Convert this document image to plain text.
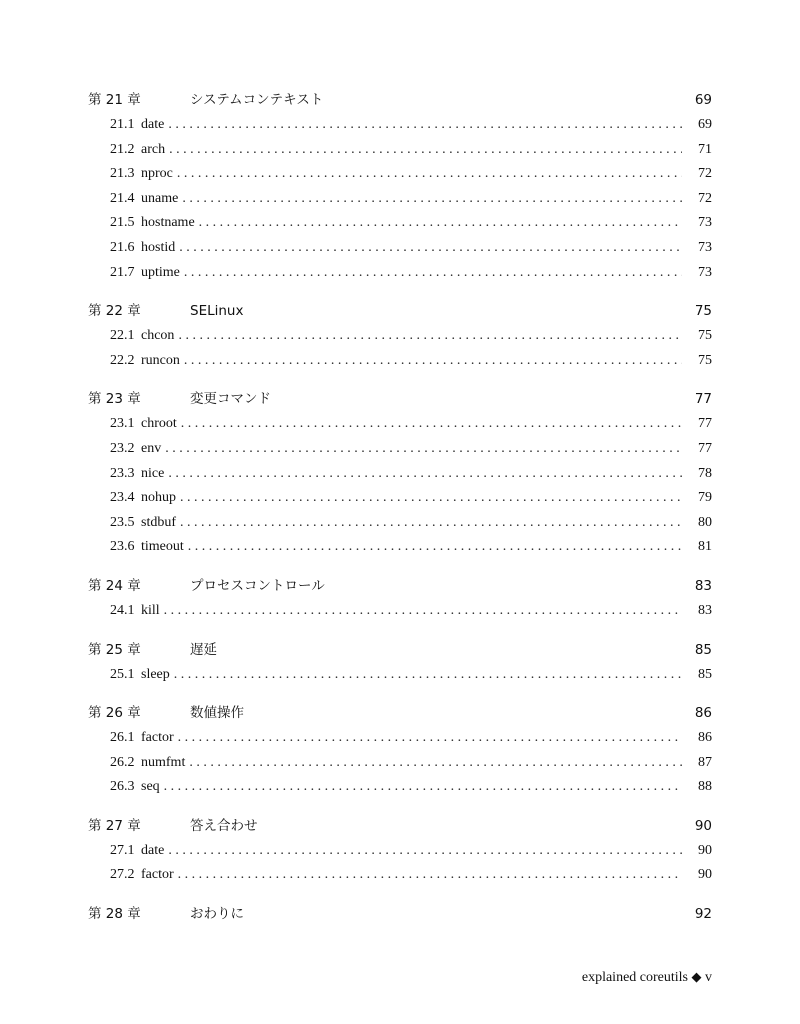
第 21 章	システムコンテキスト	69
21.1 date . . .	69
21.2 arch . . .	71
21.3 nproc . . .	72
21.4 uname . . .	72
21.5 hostname . . .	73
21.6 hostid . . .	73
21.7 uptime . . .	73
第 22 章	SELinux	75
22.1 chcon . . .	75
22.2 runcon . . .	75
第 23 章	変更コマンド	77
23.1 chroot . . .	77
23.2 env . . .	77
23.3 nice . . .	78
23.4 nohup . . .	79
23.5 stdbuf . . .	80
23.6 timeout . . .	81
第 24 章	プロセスコントロール	83
24.1 kill . . .	83
第 25 章	遅延	85
25.1 sleep . . .	85
第 26 章	数値操作	86
26.1 factor . . .	86
26.2 numfmt . . .	87
26.3 seq . . .	88
第 27 章	答え合わせ	90
27.1 date . . .	90
27.2 factor . . .	90
第 28 章	おわりに	92
explained coreutils ◆ v
